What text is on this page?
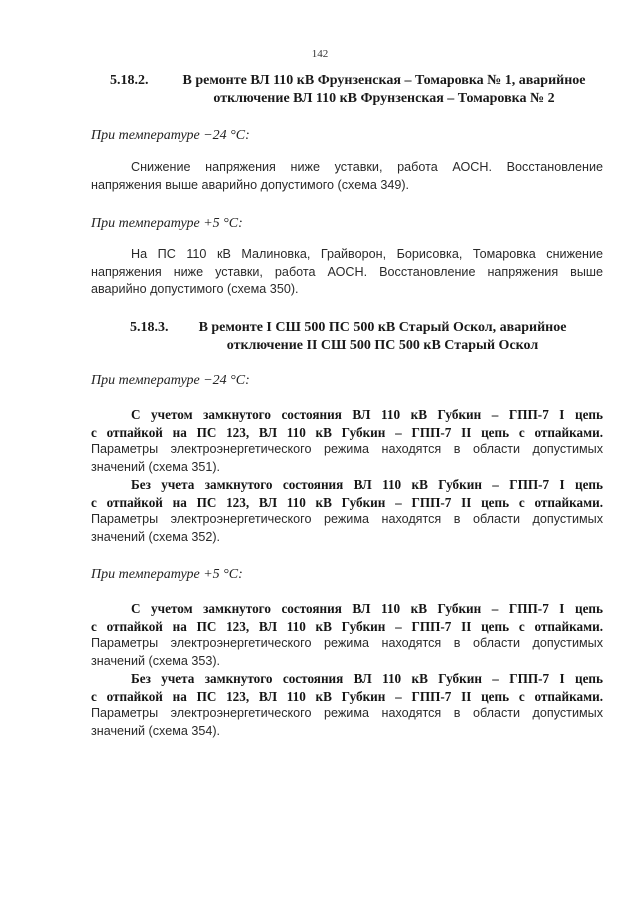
142
5.18.2.	В ремонте ВЛ 110 кВ Фрунзенская – Томаровка № 1, аварийное
отключение ВЛ 110 кВ Фрунзенская – Томаровка № 2
При температуре −24 °С:
Снижение напряжения ниже уставки, работа АОСН. Восстановление
напряжения выше аварийно допустимого (схема 349).
При температуре +5 °С:
На ПС 110 кВ Малиновка, Грайворон, Борисовка, Томаровка снижение
напряжения ниже уставки, работа АОСН. Восстановление напряжения выше
аварийно допустимого (схема 350).
5.18.3.	В ремонте I СШ 500 ПС 500 кВ Старый Оскол, аварийное
отключение II СШ 500 ПС 500 кВ Старый Оскол
При температуре −24 °С:
С учетом замкнутого состояния ВЛ 110 кВ Губкин – ГПП-7 I цепь
с отпайкой на ПС 123, ВЛ 110 кВ Губкин – ГПП-7 II цепь с отпайками.
Параметры электроэнергетического режима находятся в области допустимых
значений (схема 351).
Без учета замкнутого состояния ВЛ 110 кВ Губкин – ГПП-7 I цепь
с отпайкой на ПС 123, ВЛ 110 кВ Губкин – ГПП-7 II цепь с отпайками.
Параметры электроэнергетического режима находятся в области допустимых
значений (схема 352).
При температуре +5 °С:
С учетом замкнутого состояния ВЛ 110 кВ Губкин – ГПП-7 I цепь
с отпайкой на ПС 123, ВЛ 110 кВ Губкин – ГПП-7 II цепь с отпайками.
Параметры электроэнергетического режима находятся в области допустимых
значений (схема 353).
Без учета замкнутого состояния ВЛ 110 кВ Губкин – ГПП-7 I цепь
с отпайкой на ПС 123, ВЛ 110 кВ Губкин – ГПП-7 II цепь с отпайками.
Параметры электроэнергетического режима находятся в области допустимых
значений (схема 354).
